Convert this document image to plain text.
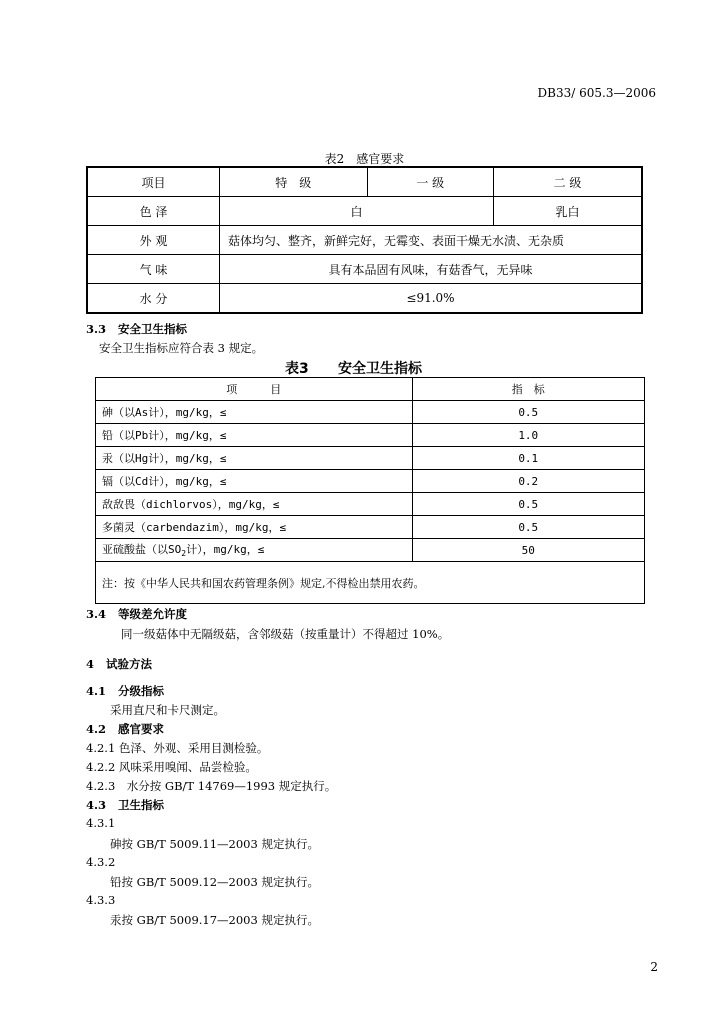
DB33/ 605.3—2006
表2　感官要求
项目	特　级	一 级	二 级
色 泽	白		乳白
外 观	菇体均匀、整齐，新鲜完好，无霉变、表面干燥无水渍、无杂质		
气 味	具有本品固有风味，有菇香气，无异味		
水 分	≤91.0%		
3.3 安全卫生指标
安全卫生指标应符合表 3 规定。
表3 安全卫生指标
项　　　目	指　标
砷（以As计），mg/kg，≤	0.5
铅（以Pb计），mg/kg，≤	1.0
汞（以Hg计），mg/kg，≤	0.1
镉（以Cd计），mg/kg，≤	0.2
敌敌畏（dichlorvos），mg/kg，≤	0.5
多菌灵（carbendazim），mg/kg，≤	0.5
亚硫酸盐（以$SO_2$计），mg/kg，≤	50
注：按《中华人民共和国农药管理条例》规定,不得检出禁用农药。	
3.4 等级差允许度
同一级菇体中无隔级菇，含邻级菇（按重量计）不得超过 10%。
4 试验方法
4.1 分级指标
采用直尺和卡尺测定。
4.2 感官要求
4.2.1 色泽、外观、采用目测检验。
4.2.2 风味采用嗅闻、品尝检验。
4.2.3　水分按 GB/T 14769—1993 规定执行。
4.3 卫生指标
4.3.1
砷按 GB/T 5009.11—2003 规定执行。
4.3.2
铅按 GB/T 5009.12—2003 规定执行。
4.3.3
汞按 GB/T 5009.17—2003 规定执行。
2
